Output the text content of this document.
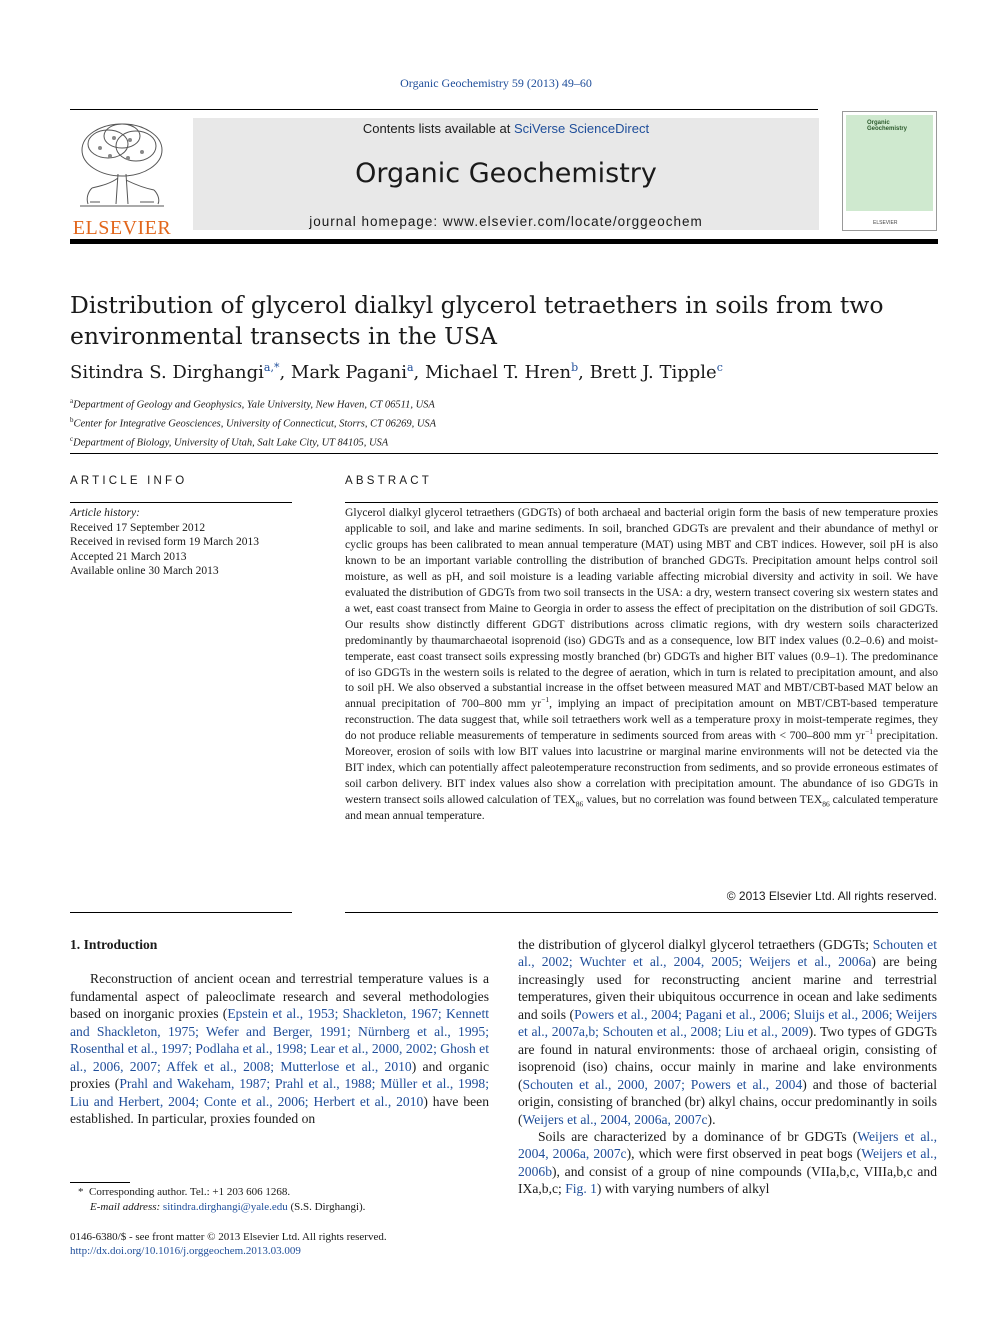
Organic Geochemistry 59 (2013) 49–60
ELSEVIER
Contents lists available at SciVerse ScienceDirect
Organic Geochemistry
journal homepage: www.elsevier.com/locate/orggeochem
Organic
Geochemistry
ELSEVIER
Distribution of glycerol dialkyl glycerol tetraethers in soils from two environmental transects in the USA
Sitindra S. Dirghangi$^{a,*}$, Mark Pagani$^a$, Michael T. Hren$^b$, Brett J. Tipple$^c$
$^a$Department of Geology and Geophysics, Yale University, New Haven, CT 06511, USA
$^b$Center for Integrative Geosciences, University of Connecticut, Storrs, CT 06269, USA
$^c$Department of Biology, University of Utah, Salt Lake City, UT 84105, USA
ARTICLE INFO
Article history:
Received 17 September 2012
Received in revised form 19 March 2013
Accepted 21 March 2013
Available online 30 March 2013
ABSTRACT
Glycerol dialkyl glycerol tetraethers (GDGTs) of both archaeal and bacterial origin form the basis of new temperature proxies applicable to soil, and lake and marine sediments. In soil, branched GDGTs are prevalent and their abundance of methyl or cyclic groups has been calibrated to mean annual temperature (MAT) using MBT and CBT indices. However, soil pH is also known to be an important variable controlling the distribution of branched GDGTs. Precipitation amount helps control soil moisture, as well as pH, and soil moisture is a leading variable affecting microbial diversity and activity in soil. We have evaluated the distribution of GDGTs from two soil transects in the USA: a dry, western transect covering six western states and a wet, east coast transect from Maine to Georgia in order to assess the effect of precipitation on the distribution of soil GDGTs. Our results show distinctly different GDGT distributions across climatic regions, with dry western soils characterized predominantly by thaumarchaeotal isoprenoid (iso) GDGTs and as a consequence, low BIT index values (0.2–0.6) and moist-temperate, east coast transect soils expressing mostly branched (br) GDGTs and higher BIT values (0.9–1). The predominance of iso GDGTs in the western soils is related to the degree of aeration, which in turn is related to precipitation amount, and also to soil pH. We also observed a substantial increase in the offset between measured MAT and MBT/CBT-based MAT below an annual precipitation of 700–800 mm $yr^{-1}$, implying an impact of precipitation amount on MBT/CBT-based temperature reconstruction. The data suggest that, while soil tetraethers work well as a temperature proxy in moist-temperate regimes, they do not produce reliable measurements of temperature in sediments sourced from areas with < 700–800 mm $yr^{-1}$ precipitation. Moreover, erosion of soils with low BIT values into lacustrine or marginal marine environments will not be detected via the BIT index, which can potentially affect paleotemperature reconstruction from sediments, and so provide erroneous estimates of soil carbon delivery. BIT index values also show a correlation with precipitation amount. The abundance of iso GDGTs in western transect soils allowed calculation of $TEX_{86}$ values, but no correlation was found between $TEX_{86}$ calculated temperature and mean annual temperature.
© 2013 Elsevier Ltd. All rights reserved.
1. Introduction

Reconstruction of ancient ocean and terrestrial temperature values is a fundamental aspect of paleoclimate research and several methodologies based on inorganic proxies (Epstein et al., 1953; Shackleton, 1967; Kennett and Shackleton, 1975; Wefer and Berger, 1991; Nürnberg et al., 1995; Rosenthal et al., 1997; Podlaha et al., 1998; Lear et al., 2000, 2002; Ghosh et al., 2006, 2007; Affek et al., 2008; Mutterlose et al., 2010) and organic proxies (Prahl and Wakeham, 1987; Prahl et al., 1988; Müller et al., 1998; Liu and Herbert, 2004; Conte et al., 2006; Herbert et al., 2010) have been established. In particular, proxies founded on

the distribution of glycerol dialkyl glycerol tetraethers (GDGTs; Schouten et al., 2002; Wuchter et al., 2004, 2005; Weijers et al., 2006a) are being increasingly used for reconstructing ancient marine and terrestrial temperatures, given their ubiquitous occurrence in ocean and lake sediments and soils (Powers et al., 2004; Pagani et al., 2006; Sluijs et al., 2006; Weijers et al., 2007a,b; Schouten et al., 2008; Liu et al., 2009). Two types of GDGTs are found in natural environments: those of archaeal origin, consisting of isoprenoid (iso) chains, occur mainly in marine and lake environments (Schouten et al., 2000, 2007; Powers et al., 2004) and those of bacterial origin, consisting of branched (br) alkyl chains, occur predominantly in soils (Weijers et al., 2004, 2006a, 2007c).

Soils are characterized by a dominance of br GDGTs (Weijers et al., 2004, 2006a, 2007c), which were first observed in peat bogs (Weijers et al., 2006b), and consist of a group of nine compounds (VIIa,b,c, VIIIa,b,c and IXa,b,c; Fig. 1) with varying numbers of alkyl

* Corresponding author. Tel.: +1 203 606 1268.
E-mail address: sitindra.dirghangi@yale.edu (S.S. Dirghangi).
0146-6380/$ - see front matter © 2013 Elsevier Ltd. All rights reserved.
http://dx.doi.org/10.1016/j.orggeochem.2013.03.009
